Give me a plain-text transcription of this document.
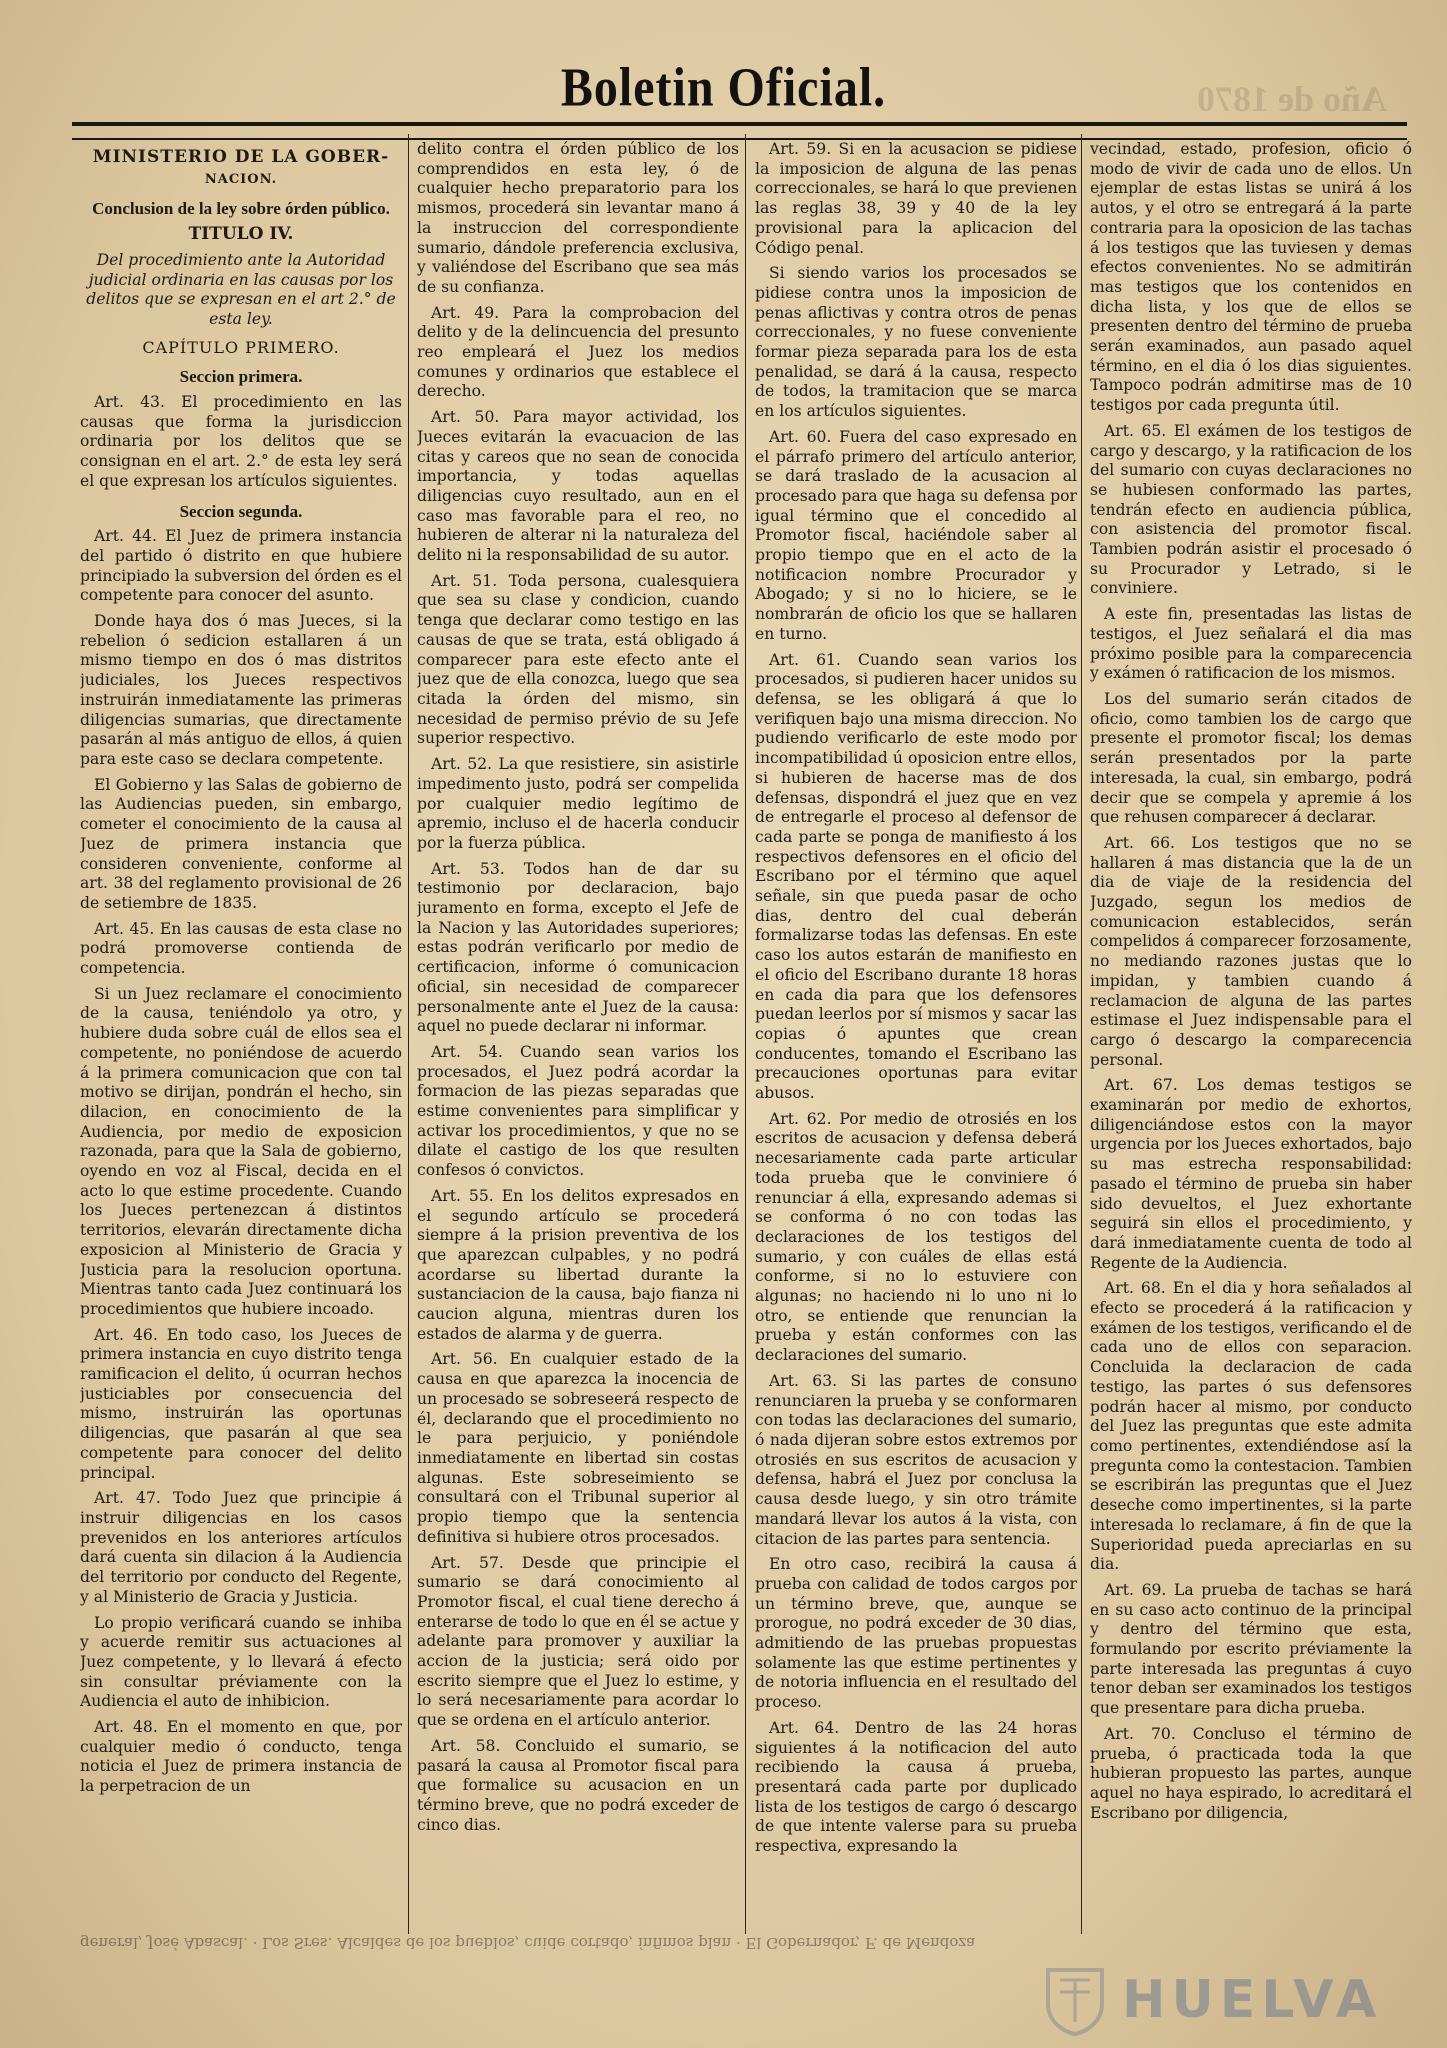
Boletin Oficial.	Año de 1870
MINISTERIO DE LA GOBER-
NACION.
Conclusion de la ley sobre órden público.
TITULO IV.
Del procedimiento ante la Autoridad judicial ordinaria en las causas por los delitos que se expresan en el art 2.° de esta ley.
CAPÍTULO PRIMERO.
Seccion primera.

Art. 43. El procedimiento en las causas que forma la jurisdiccion ordinaria por los delitos que se consignan en el art. 2.° de esta ley será el que expresan los artículos siguientes.

Seccion segunda.

Art. 44. El Juez de primera instancia del partido ó distrito en que hubiere principiado la subversion del órden es el competente para conocer del asunto.

Donde haya dos ó mas Jueces, si la rebelion ó sedicion estallaren á un mismo tiempo en dos ó mas distritos judiciales, los Jueces respectivos instruirán inmediatamente las primeras diligencias sumarias, que directamente pasarán al más antiguo de ellos, á quien para este caso se declara competente.

El Gobierno y las Salas de gobierno de las Audiencias pueden, sin embargo, cometer el conocimiento de la causa al Juez de primera instancia que consideren conveniente, conforme al art. 38 del reglamento provisional de 26 de setiembre de 1835.

Art. 45. En las causas de esta clase no podrá promoverse contienda de competencia.

Si un Juez reclamare el conocimiento de la causa, teniéndolo ya otro, y hubiere duda sobre cuál de ellos sea el competente, no poniéndose de acuerdo á la primera comunicacion que con tal motivo se dirijan, pondrán el hecho, sin dilacion, en conocimiento de la Audiencia, por medio de exposicion razonada, para que la Sala de gobierno, oyendo en voz al Fiscal, decida en el acto lo que estime procedente. Cuando los Jueces pertenezcan á distintos territorios, elevarán directamente dicha exposicion al Ministerio de Gracia y Justicia para la resolucion oportuna. Mientras tanto cada Juez continuará los procedimientos que hubiere incoado.

Art. 46. En todo caso, los Jueces de primera instancia en cuyo distrito tenga ramificacion el delito, ú ocurran hechos justiciables por consecuencia del mismo, instruirán las oportunas diligencias, que pasarán al que sea competente para conocer del delito principal.

Art. 47. Todo Juez que principie á instruir diligencias en los casos prevenidos en los anteriores artículos dará cuenta sin dilacion á la Audiencia del territorio por conducto del Regente, y al Ministerio de Gracia y Justicia.

Lo propio verificará cuando se inhiba y acuerde remitir sus actuaciones al Juez competente, y lo llevará á efecto sin consultar préviamente con la Audiencia el auto de inhibicion.

Art. 48. En el momento en que, por cualquier medio ó conducto, tenga noticia el Juez de primera instancia de la perpetracion de un

delito contra el órden público de los comprendidos en esta ley, ó de cualquier hecho preparatorio para los mismos, procederá sin levantar mano á la instruccion del correspondiente sumario, dándole preferencia exclusiva, y valiéndose del Escribano que sea más de su confianza.

Art. 49. Para la comprobacion del delito y de la delincuencia del presunto reo empleará el Juez los medios comunes y ordinarios que establece el derecho.

Art. 50. Para mayor actividad, los Jueces evitarán la evacuacion de las citas y careos que no sean de conocida importancia, y todas aquellas diligencias cuyo resultado, aun en el caso mas favorable para el reo, no hubieren de alterar ni la naturaleza del delito ni la responsabilidad de su autor.

Art. 51. Toda persona, cualesquiera que sea su clase y condicion, cuando tenga que declarar como testigo en las causas de que se trata, está obligado á comparecer para este efecto ante el juez que de ella conozca, luego que sea citada la órden del mismo, sin necesidad de permiso prévio de su Jefe superior respectivo.

Art. 52. La que resistiere, sin asistirle impedimento justo, podrá ser compelida por cualquier medio legítimo de apremio, incluso el de hacerla conducir por la fuerza pública.

Art. 53. Todos han de dar su testimonio por declaracion, bajo juramento en forma, excepto el Jefe de la Nacion y las Autoridades superiores; estas podrán verificarlo por medio de certificacion, informe ó comunicacion oficial, sin necesidad de comparecer personalmente ante el Juez de la causa: aquel no puede declarar ni informar.

Art. 54. Cuando sean varios los procesados, el Juez podrá acordar la formacion de las piezas separadas que estime convenientes para simplificar y activar los procedimientos, y que no se dilate el castigo de los que resulten confesos ó convictos.

Art. 55. En los delitos expresados en el segundo artículo se procederá siempre á la prision preventiva de los que aparezcan culpables, y no podrá acordarse su libertad durante la sustanciacion de la causa, bajo fianza ni caucion alguna, mientras duren los estados de alarma y de guerra.

Art. 56. En cualquier estado de la causa en que aparezca la inocencia de un procesado se sobreseerá respecto de él, declarando que el procedimiento no le para perjuicio, y poniéndole inmediatamente en libertad sin costas algunas. Este sobreseimiento se consultará con el Tribunal superior al propio tiempo que la sentencia definitiva si hubiere otros procesados.

Art. 57. Desde que principie el sumario se dará conocimiento al Promotor fiscal, el cual tiene derecho á enterarse de todo lo que en él se actue y adelante para promover y auxiliar la accion de la justicia; será oido por escrito siempre que el Juez lo estime, y lo será necesariamente para acordar lo que se ordena en el artículo anterior.

Art. 58. Concluido el sumario, se pasará la causa al Promotor fiscal para que formalice su acusacion en un término breve, que no podrá exceder de cinco dias.

Art. 59. Si en la acusacion se pidiese la imposicion de alguna de las penas correccionales, se hará lo que previenen las reglas 38, 39 y 40 de la ley provisional para la aplicacion del Código penal.

Si siendo varios los procesados se pidiese contra unos la imposicion de penas aflictivas y contra otros de penas correccionales, y no fuese conveniente formar pieza separada para los de esta penalidad, se dará á la causa, respecto de todos, la tramitacion que se marca en los artículos siguientes.

Art. 60. Fuera del caso expresado en el párrafo primero del artículo anterior, se dará traslado de la acusacion al procesado para que haga su defensa por igual término que el concedido al Promotor fiscal, haciéndole saber al propio tiempo que en el acto de la notificacion nombre Procurador y Abogado; y si no lo hiciere, se le nombrarán de oficio los que se hallaren en turno.

Art. 61. Cuando sean varios los procesados, si pudieren hacer unidos su defensa, se les obligará á que lo verifiquen bajo una misma direccion. No pudiendo verificarlo de este modo por incompatibilidad ú oposicion entre ellos, si hubieren de hacerse mas de dos defensas, dispondrá el juez que en vez de entregarle el proceso al defensor de cada parte se ponga de manifiesto á los respectivos defensores en el oficio del Escribano por el término que aquel señale, sin que pueda pasar de ocho dias, dentro del cual deberán formalizarse todas las defensas. En este caso los autos estarán de manifiesto en el oficio del Escribano durante 18 horas en cada dia para que los defensores puedan leerlos por sí mismos y sacar las copias ó apuntes que crean conducentes, tomando el Escribano las precauciones oportunas para evitar abusos.

Art. 62. Por medio de otrosiés en los escritos de acusacion y defensa deberá necesariamente cada parte articular toda prueba que le conviniere ó renunciar á ella, expresando ademas si se conforma ó no con todas las declaraciones de los testigos del sumario, y con cuáles de ellas está conforme, si no lo estuviere con algunas; no haciendo ni lo uno ni lo otro, se entiende que renuncian la prueba y están conformes con las declaraciones del sumario.

Art. 63. Si las partes de consuno renunciaren la prueba y se conformaren con todas las declaraciones del sumario, ó nada dijeran sobre estos extremos por otrosiés en sus escritos de acusacion y defensa, habrá el Juez por conclusa la causa desde luego, y sin otro trámite mandará llevar los autos á la vista, con citacion de las partes para sentencia.

En otro caso, recibirá la causa á prueba con calidad de todos cargos por un término breve, que, aunque se prorogue, no podrá exceder de 30 dias, admitiendo de las pruebas propuestas solamente las que estime pertinentes y de notoria influencia en el resultado del proceso.

Art. 64. Dentro de las 24 horas siguientes á la notificacion del auto recibiendo la causa á prueba, presentará cada parte por duplicado lista de los testigos de cargo ó descargo de que intente valerse para su prueba respectiva, expresando la

vecindad, estado, profesion, oficio ó modo de vivir de cada uno de ellos. Un ejemplar de estas listas se unirá á los autos, y el otro se entregará á la parte contraria para la oposicion de las tachas á los testigos que las tuviesen y demas efectos convenientes. No se admitirán mas testigos que los contenidos en dicha lista, y los que de ellos se presenten dentro del término de prueba serán examinados, aun pasado aquel término, en el dia ó los dias siguientes. Tampoco podrán admitirse mas de 10 testigos por cada pregunta útil.

Art. 65. El exámen de los testigos de cargo y descargo, y la ratificacion de los del sumario con cuyas declaraciones no se hubiesen conformado las partes, tendrán efecto en audiencia pública, con asistencia del promotor fiscal. Tambien podrán asistir el procesado ó su Procurador y Letrado, si le conviniere.

A este fin, presentadas las listas de testigos, el Juez señalará el dia mas próximo posible para la comparecencia y exámen ó ratificacion de los mismos.

Los del sumario serán citados de oficio, como tambien los de cargo que presente el promotor fiscal; los demas serán presentados por la parte interesada, la cual, sin embargo, podrá decir que se compela y apremie á los que rehusen comparecer á declarar.

Art. 66. Los testigos que no se hallaren á mas distancia que la de un dia de viaje de la residencia del Juzgado, segun los medios de comunicacion establecidos, serán compelidos á comparecer forzosamente, no mediando razones justas que lo impidan, y tambien cuando á reclamacion de alguna de las partes estimase el Juez indispensable para el cargo ó descargo la comparecencia personal.

Art. 67. Los demas testigos se examinarán por medio de exhortos, diligenciándose estos con la mayor urgencia por los Jueces exhortados, bajo su mas estrecha responsabilidad: pasado el término de prueba sin haber sido devueltos, el Juez exhortante seguirá sin ellos el procedimiento, y dará inmediatamente cuenta de todo al Regente de la Audiencia.

Art. 68. En el dia y hora señalados al efecto se procederá á la ratificacion y exámen de los testigos, verificando el de cada uno de ellos con separacion. Concluida la declaracion de cada testigo, las partes ó sus defensores podrán hacer al mismo, por conducto del Juez las preguntas que este admita como pertinentes, extendiéndose así la pregunta como la contestacion. Tambien se escribirán las preguntas que el Juez deseche como impertinentes, si la parte interesada lo reclamare, á fin de que la Superioridad pueda apreciarlas en su dia.

Art. 69. La prueba de tachas se hará en su caso acto continuo de la principal y dentro del término que esta, formulando por escrito préviamente la parte interesada las preguntas á cuyo tenor deban ser examinados los testigos que presentare para dicha prueba.

Art. 70. Concluso el término de prueba, ó practicada toda la que hubieran propuesto las partes, aunque aquel no haya espirado, lo acreditará el Escribano por diligencia,

general, José Abascal. · Los Sres. Alcaldes de los pueblos, cuide cortado, ínfimos plan · El Gobernador, F. de Mendoza
HUELVA
